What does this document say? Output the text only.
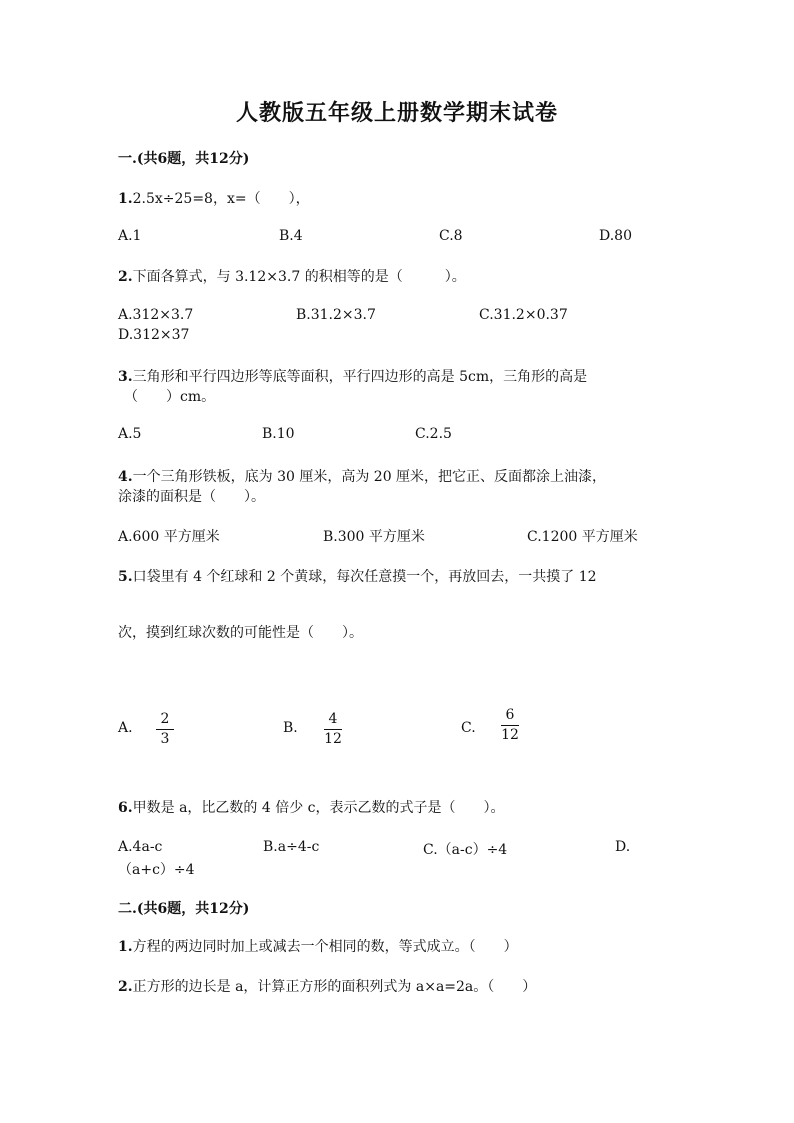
人教版五年级上册数学期末试卷
一.(共6题，共12分)
1.2.5x÷25=8，x=（　　），
A.1	B.4	C.8	D.80
2.下面各算式，与 3.12×3.7 的积相等的是（　　　）。
A.312×3.7	B.31.2×3.7	C.31.2×0.37
D.312×37
3.三角形和平行四边形等底等面积，平行四边形的高是 5cm，三角形的高是
（　　）cm。
A.5	B.10	C.2.5
4.一个三角形铁板，底为 30 厘米，高为 20 厘米，把它正、反面都涂上油漆，
涂漆的面积是（　　）。
A.600 平方厘米	B.300 平方厘米	C.1200 平方厘米
5.口袋里有 4 个红球和 2 个黄球，每次任意摸一个，再放回去，一共摸了 12
次，摸到红球次数的可能性是（　　）。
A.
2
3
B.
4
12
C.
6
12
6.甲数是 a，比乙数的 4 倍少 c，表示乙数的式子是（　　）。
A.4a-c	B.a÷4-c	C.（a-c）÷4	D.
（a+c）÷4
二.(共6题，共12分)
1.方程的两边同时加上或减去一个相同的数，等式成立。（　　）
2.正方形的边长是 a，计算正方形的面积列式为 a×a=2a。（　　）
